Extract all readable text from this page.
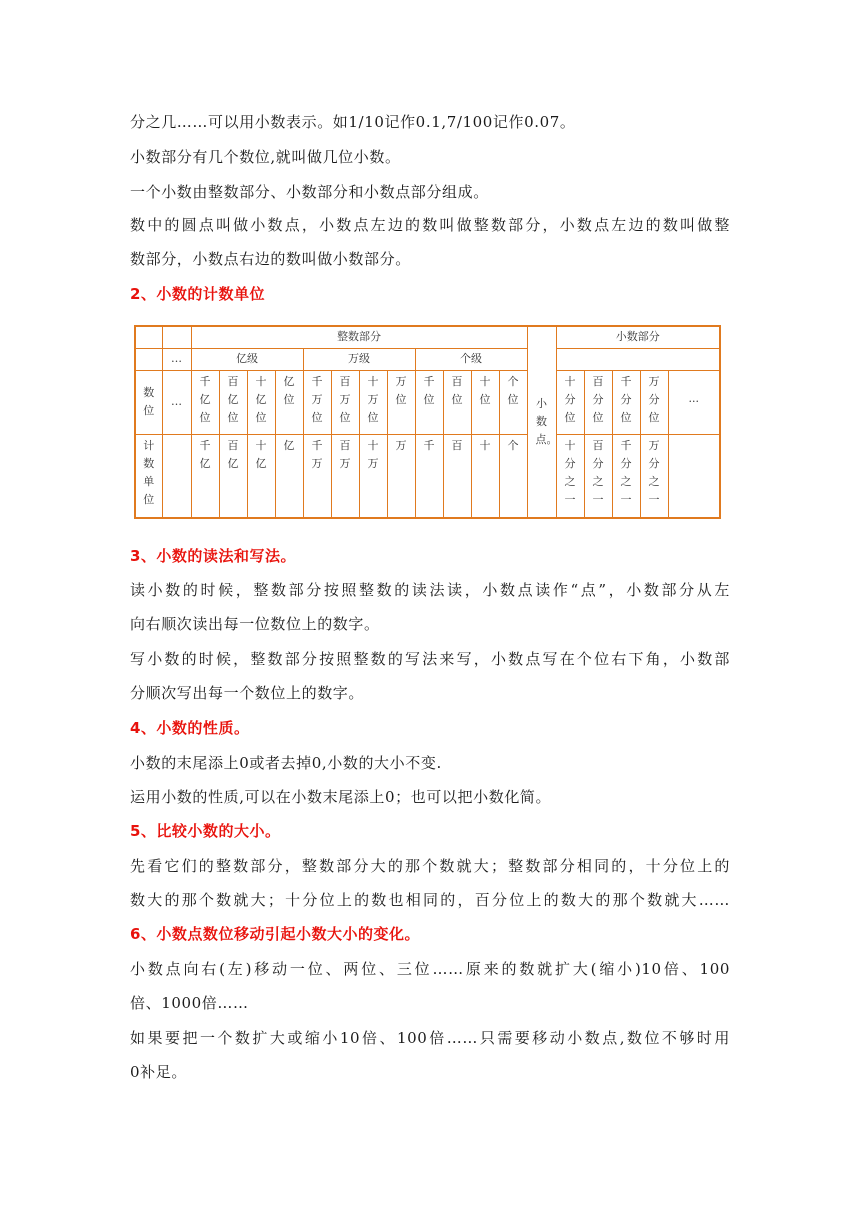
分之几……可以用小数表示。如1/10记作0.1,7/100记作0.07。
小数部分有几个数位,就叫做几位小数。
一个小数由整数部分、小数部分和小数点部分组成。
数中的圆点叫做小数点，小数点左边的数叫做整数部分，小数点左边的数叫做整
数部分，小数点右边的数叫做小数部分。
2、小数的计数单位
		整数部分												小数点。	小数部分				
	…	亿级				万级				个级									
数位	…	千亿位	百亿位	十亿位	亿位	千万位	百万位	十万位	万位	千位	百位	十位	个位		十分位	百分位	千分位	万分位	···
计数单位		千亿	百亿	十亿	亿	千万	百万	十万	万	千	百	十	个		十分之一	百分之一	千分之一	万分之一	
3、小数的读法和写法。
读小数的时候，整数部分按照整数的读法读，小数点读作“点”，小数部分从左
向右顺次读出每一位数位上的数字。
写小数的时候，整数部分按照整数的写法来写，小数点写在个位右下角，小数部
分顺次写出每一个数位上的数字。
4、小数的性质。
小数的末尾添上0或者去掉0,小数的大小不变.
运用小数的性质,可以在小数末尾添上0；也可以把小数化简。
5、比较小数的大小。
先看它们的整数部分，整数部分大的那个数就大；整数部分相同的，十分位上的
数大的那个数就大；十分位上的数也相同的，百分位上的数大的那个数就大……
6、小数点数位移动引起小数大小的变化。
小数点向右(左)移动一位、两位、三位……原来的数就扩大(缩小)10倍、100
倍、1000倍……
如果要把一个数扩大或缩小10倍、100倍……只需要移动小数点,数位不够时用
0补足。
